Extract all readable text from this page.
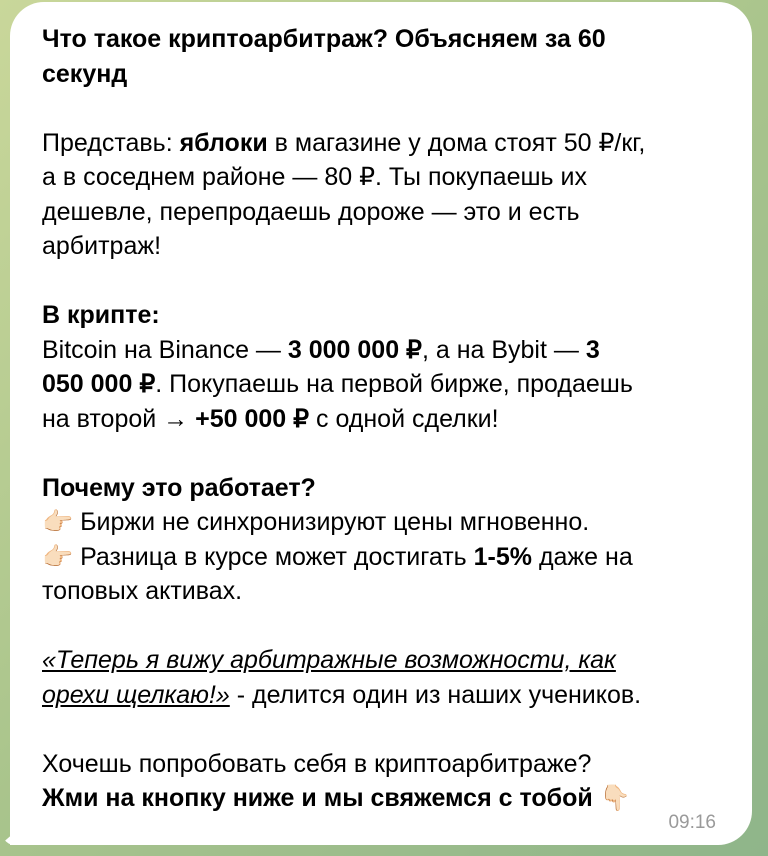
Что такое криптоарбитраж? Объясняем за 60
секунд
Представь: яблоки в магазине у дома стоят 50 ₽/кг,
а в соседнем районе — 80 ₽. Ты покупаешь их
дешевле, перепродаешь дороже — это и есть
арбитраж!
В крипте:
Bitcoin на Binance — 3 000 000 ₽, а на Bybit — 3
050 000 ₽. Покупаешь на первой бирже, продаешь
на второй → +50 000 ₽ с одной сделки!
Почему это работает?
👉🏻 Биржи не синхронизируют цены мгновенно.
👉🏻 Разница в курсе может достигать 1-5% даже на
топовых активах.
«Теперь я вижу арбитражные возможности, как
орехи щелкаю!» - делится один из наших учеников.
Хочешь попробовать себя в криптоарбитраже?
Жми на кнопку ниже и мы свяжемся с тобой 👇🏻
09:16
